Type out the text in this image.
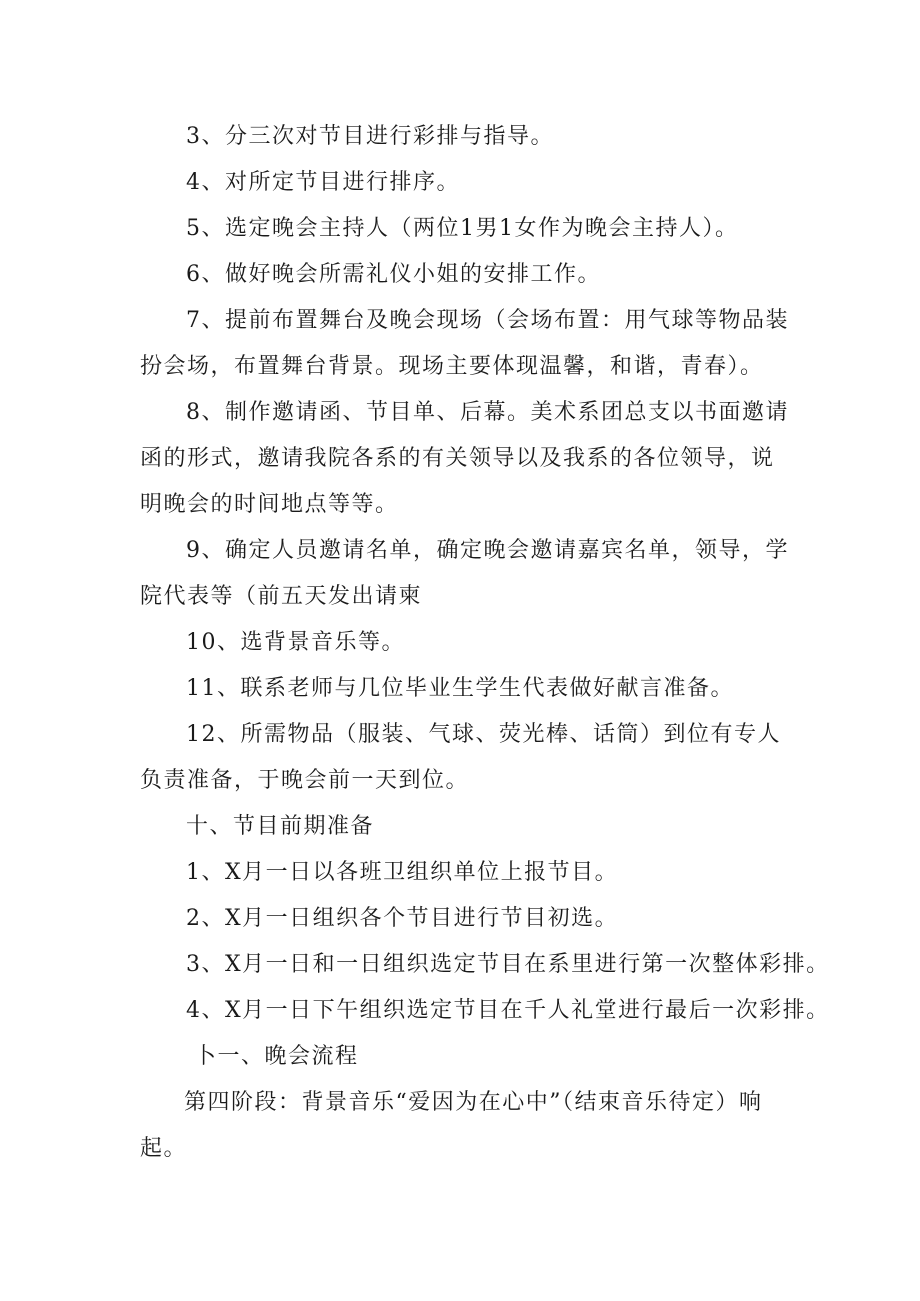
3、分三次对节目进行彩排与指导。

4、对所定节目进行排序。

5、选定晚会主持人（两位1男1女作为晚会主持人）。

6、做好晚会所需礼仪小姐的安排工作。

7、提前布置舞台及晚会现场（会场布置：用气球等物品装扮会场，布置舞台背景。现场主要体现温馨，和谐，青春）。

8、制作邀请函、节目单、后幕。美术系团总支以书面邀请函的形式，邀请我院各系的有关领导以及我系的各位领导，说明晚会的时间地点等等。

9、确定人员邀请名单，确定晚会邀请嘉宾名单，领导，学院代表等（前五天发出请柬

10、选背景音乐等。

11、联系老师与几位毕业生学生代表做好献言准备。

12、所需物品（服装、气球、荧光棒、话筒）到位有专人负责准备，于晚会前一天到位。

十、节目前期准备

1、X月一日以各班卫组织单位上报节目。

2、X月一日组织各个节目进行节目初选。

3、X月一日和一日组织选定节目在系里进行第一次整体彩排。

4、X月一日下午组织选定节目在千人礼堂进行最后一次彩排。

卜一、晚会流程

第四阶段：背景音乐“爱因为在心中”（结束音乐待定）响起。
